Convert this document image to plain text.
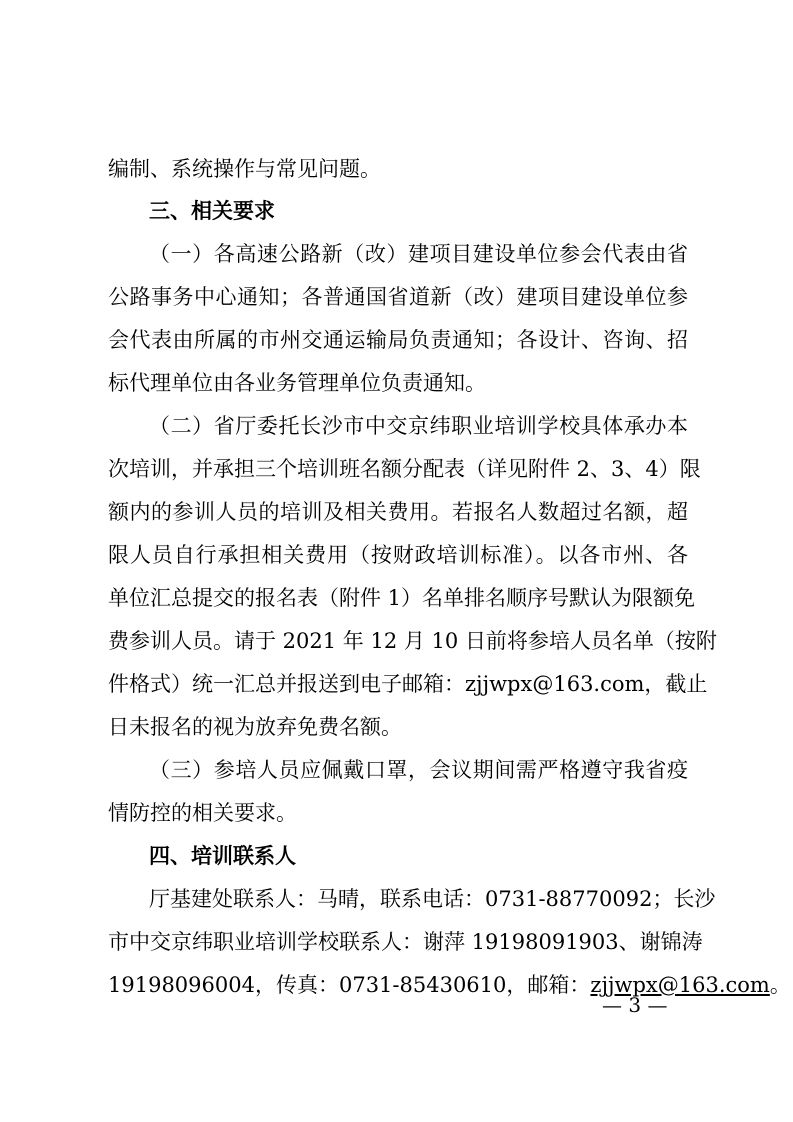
编制、系统操作与常见问题。
三、相关要求
（一）各高速公路新（改）建项目建设单位参会代表由省
公路事务中心通知；各普通国省道新（改）建项目建设单位参
会代表由所属的市州交通运输局负责通知；各设计、咨询、招
标代理单位由各业务管理单位负责通知。
（二）省厅委托长沙市中交京纬职业培训学校具体承办本
次培训，并承担三个培训班名额分配表（详见附件 2、3、4）限
额内的参训人员的培训及相关费用。若报名人数超过名额，超
限人员自行承担相关费用（按财政培训标准）。以各市州、各
单位汇总提交的报名表（附件 1）名单排名顺序号默认为限额免
费参训人员。请于 2021 年 12 月 10 日前将参培人员名单（按附
件格式）统一汇总并报送到电子邮箱：zjjwpx@163.com，截止
日未报名的视为放弃免费名额。
（三）参培人员应佩戴口罩，会议期间需严格遵守我省疫
情防控的相关要求。
四、培训联系人
厅基建处联系人：马晴，联系电话：0731-88770092；长沙
市中交京纬职业培训学校联系人：谢萍 19198091903、谢锦涛
19198096004，传真：0731-85430610，邮箱：zjjwpx@163.com。
— 3 —
